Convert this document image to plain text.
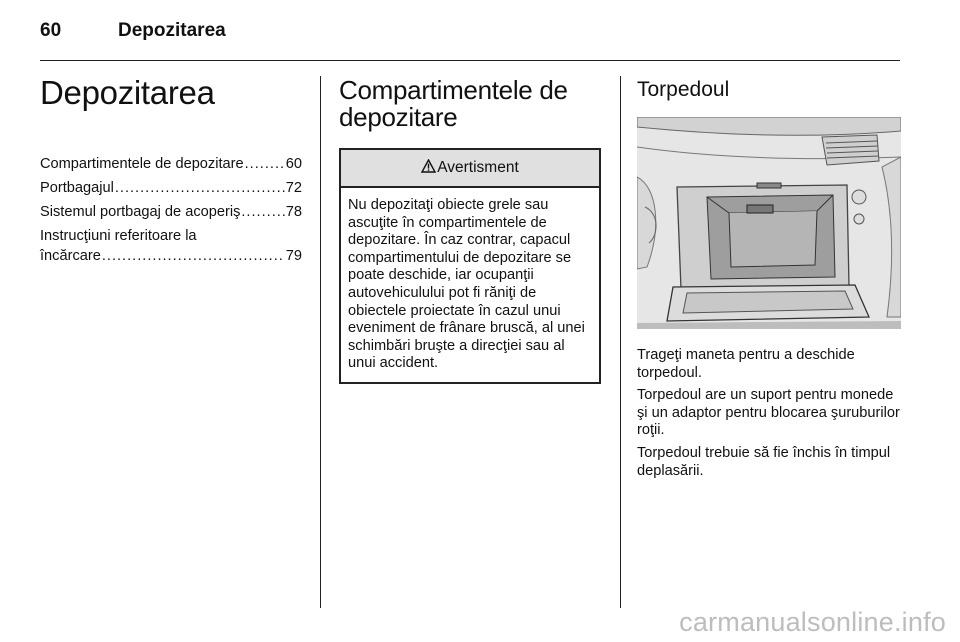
60	Depozitarea
Depozitarea
Compartimentele de depozitare .....	60
Portbagajul .....	72
Sistemul portbagaj de acoperiş .....	78
Instrucţiuni referitoare la
încărcare .....	79
Compartimentele de depozitare
Avertisment
Nu depozitaţi obiecte grele sau ascuţite în compartimentele de depozitare. În caz contrar, capacul compartimentului de depozitare se poate deschide, iar ocupanţii autovehiculului pot fi răniţi de obiectele proiectate în cazul unui eveniment de frânare bruscă, al unei schimbări bruşte a direcţiei sau al unui accident.
Torpedoul

Trageţi maneta pentru a deschide torpedoul.

Torpedoul are un suport pentru monede şi un adaptor pentru blocarea şuruburilor roţii.

Torpedoul trebuie să fie închis în timpul deplasării.

carmanualsonline.info
